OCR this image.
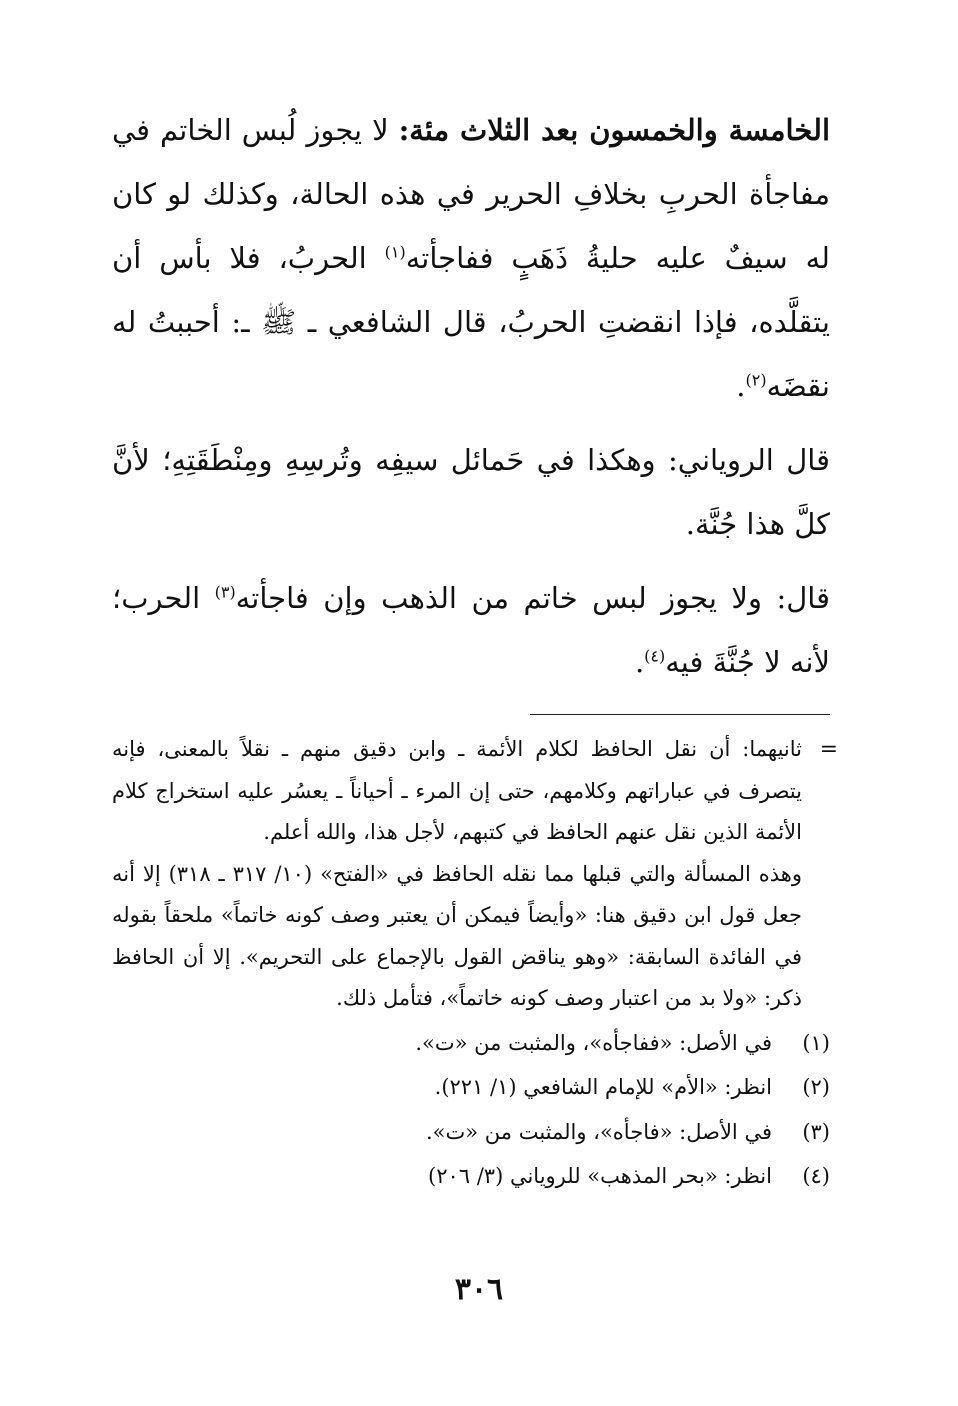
الخامسة والخمسون بعد الثلاث مئة: لا يجوز لُبس الخاتم في مفاجأة الحربِ بخلافِ الحرير في هذه الحالة، وكذلك لو كان له سيفٌ عليه حليةُ ذَهَبٍ ففاجأته$^{(١)}$ الحربُ، فلا بأس أن يتقلَّده، فإذا انقضتِ الحربُ، قال الشافعي ـ ﷺ ـ: أحببتُ له نقضَه$^{(٢)}$.

قال الروياني: وهكذا في حَمائل سيفِه وتُرسِهِ ومِنْطَقَتِهِ؛ لأنَّ كلَّ هذا جُنَّة.

قال: ولا يجوز لبس خاتم من الذهب وإن فاجأته$^{(٣)}$ الحرب؛ لأنه لا جُنَّةَ فيه$^{(٤)}$.

=

ثانيهما: أن نقل الحافظ لكلام الأئمة ـ وابن دقيق منهم ـ نقلاً بالمعنى، فإنه يتصرف في عباراتهم وكلامهم، حتى إن المرء ـ أحياناً ـ يعسُر عليه استخراج كلام الأئمة الذين نقل عنهم الحافظ في كتبهم، لأجل هذا، والله أعلم.

وهذه المسألة والتي قبلها مما نقله الحافظ في «الفتح» (١٠/ ٣١٧ ـ ٣١٨) إلا أنه جعل قول ابن دقيق هنا: «وأيضاً فيمكن أن يعتبر وصف كونه خاتماً» ملحقاً بقوله في الفائدة السابقة: «وهو يناقض القول بالإجماع على التحريم». إلا أن الحافظ ذكر: «ولا بد من اعتبار وصف كونه خاتماً»، فتأمل ذلك.

(١)
في الأصل: «ففاجأه»، والمثبت من «ت».
(٢)
انظر: «الأم» للإمام الشافعي (١/ ٢٢١).
(٣)
في الأصل: «فاجأه»، والمثبت من «ت».
(٤)
انظر: «بحر المذهب» للروياني (٣/ ٢٠٦)
٣٠٦
